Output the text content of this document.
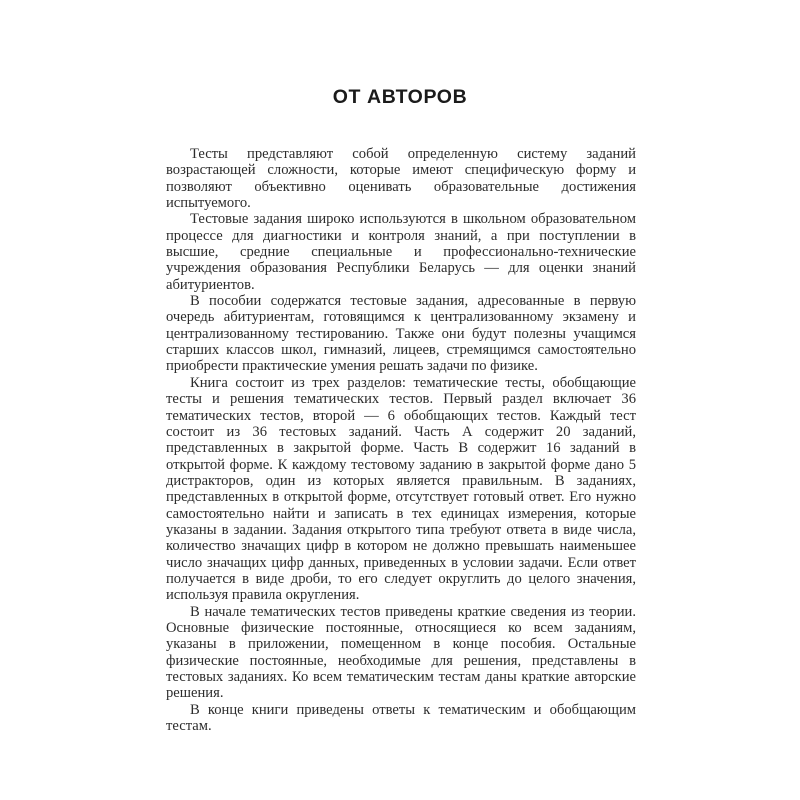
ОТ АВТОРОВ

Тесты представляют собой определенную систему заданий возрастающей сложности, которые имеют специфическую форму и позволяют объективно оценивать образовательные достижения испытуемого.

Тестовые задания широко используются в школьном образовательном процессе для диагностики и контроля знаний, а при поступлении в высшие, средние специальные и профессионально-технические учреждения образования Республики Беларусь — для оценки знаний абитуриентов.

В пособии содержатся тестовые задания, адресованные в первую очередь абитуриентам, готовящимся к централизованному экзамену и централизованному тестированию. Также они будут полезны учащимся старших классов школ, гимназий, лицеев, стремящимся самостоятельно приобрести практические умения решать задачи по физике.

Книга состоит из трех разделов: тематические тесты, обобщающие тесты и решения тематических тестов. Первый раздел включает 36 тематических тестов, второй — 6 обобщающих тестов. Каждый тест состоит из 36 тестовых заданий. Часть А содержит 20 заданий, представленных в закрытой форме. Часть В содержит 16 заданий в открытой форме. К каждому тестовому заданию в закрытой форме дано 5 дистракторов, один из которых является правильным. В заданиях, представленных в открытой форме, отсутствует готовый ответ. Его нужно самостоятельно найти и записать в тех единицах измерения, которые указаны в задании. Задания открытого типа требуют ответа в виде числа, количество значащих цифр в котором не должно превышать наименьшее число значащих цифр данных, приведенных в условии задачи. Если ответ получается в виде дроби, то его следует округлить до целого значения, используя правила округления.

В начале тематических тестов приведены краткие сведения из теории. Основные физические постоянные, относящиеся ко всем заданиям, указаны в приложении, помещенном в конце пособия. Остальные физические постоянные, необходимые для решения, представлены в тестовых заданиях. Ко всем тематическим тестам даны краткие авторские решения.

В конце книги приведены ответы к тематическим и обобщающим тестам.
